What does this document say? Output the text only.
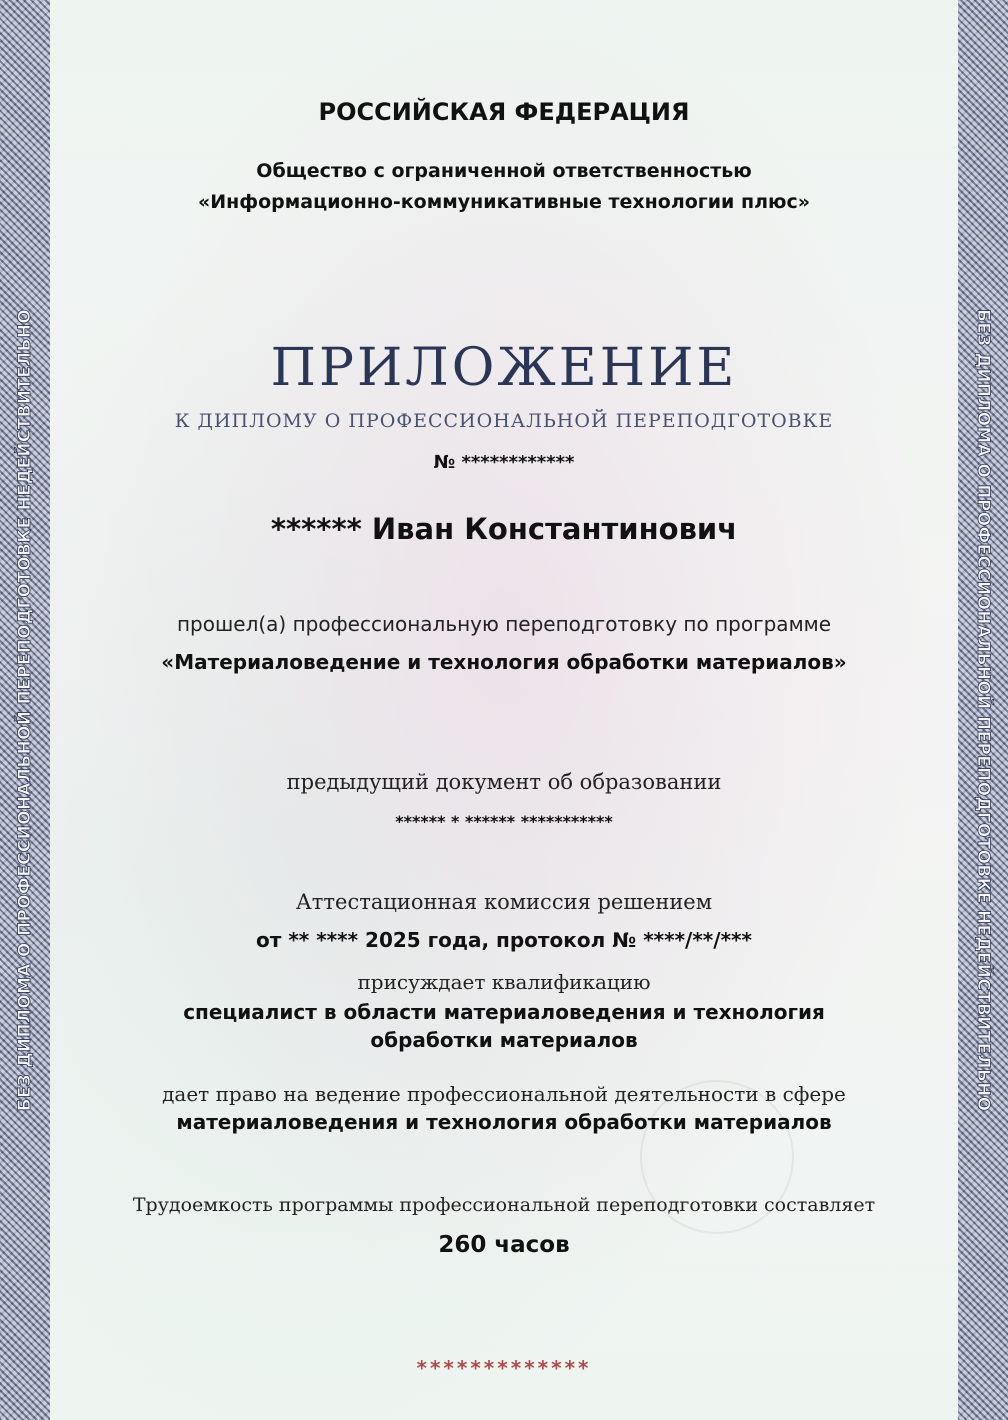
БЕЗ ДИПЛОМА О ПРОФЕССИОНАЛЬНОЙ ПЕРЕПОДГОТОВКЕ НЕДЕЙСТВИТЕЛЬНО	БЕЗ ДИПЛОМА О ПРОФЕССИОНАЛЬНОЙ ПЕРЕПОДГОТОВКЕ НЕДЕЙСТВИТЕЛЬНО
РОССИЙСКАЯ ФЕДЕРАЦИЯ
Общество с ограниченной ответственностью
«Информационно-коммуникативные технологии плюс»
ПРИЛОЖЕНИЕ
К ДИПЛОМУ О ПРОФЕССИОНАЛЬНОЙ ПЕРЕПОДГОТОВКЕ
№ ************
****** Иван Константинович
прошел(а) профессиональную переподготовку по программе
«Материаловедение и технология обработки материалов»
предыдущий документ об образовании
****** * ****** ***********
Аттестационная комиссия решением
от ** **** 2025 года, протокол № ****/**/***
присуждает квалификацию
специалист в области материаловедения и технология
обработки материалов
дает право на ведение профессиональной деятельности в сфере
материаловедения и технология обработки материалов
Трудоемкость программы профессиональной переподготовки составляет
260 часов
*************
